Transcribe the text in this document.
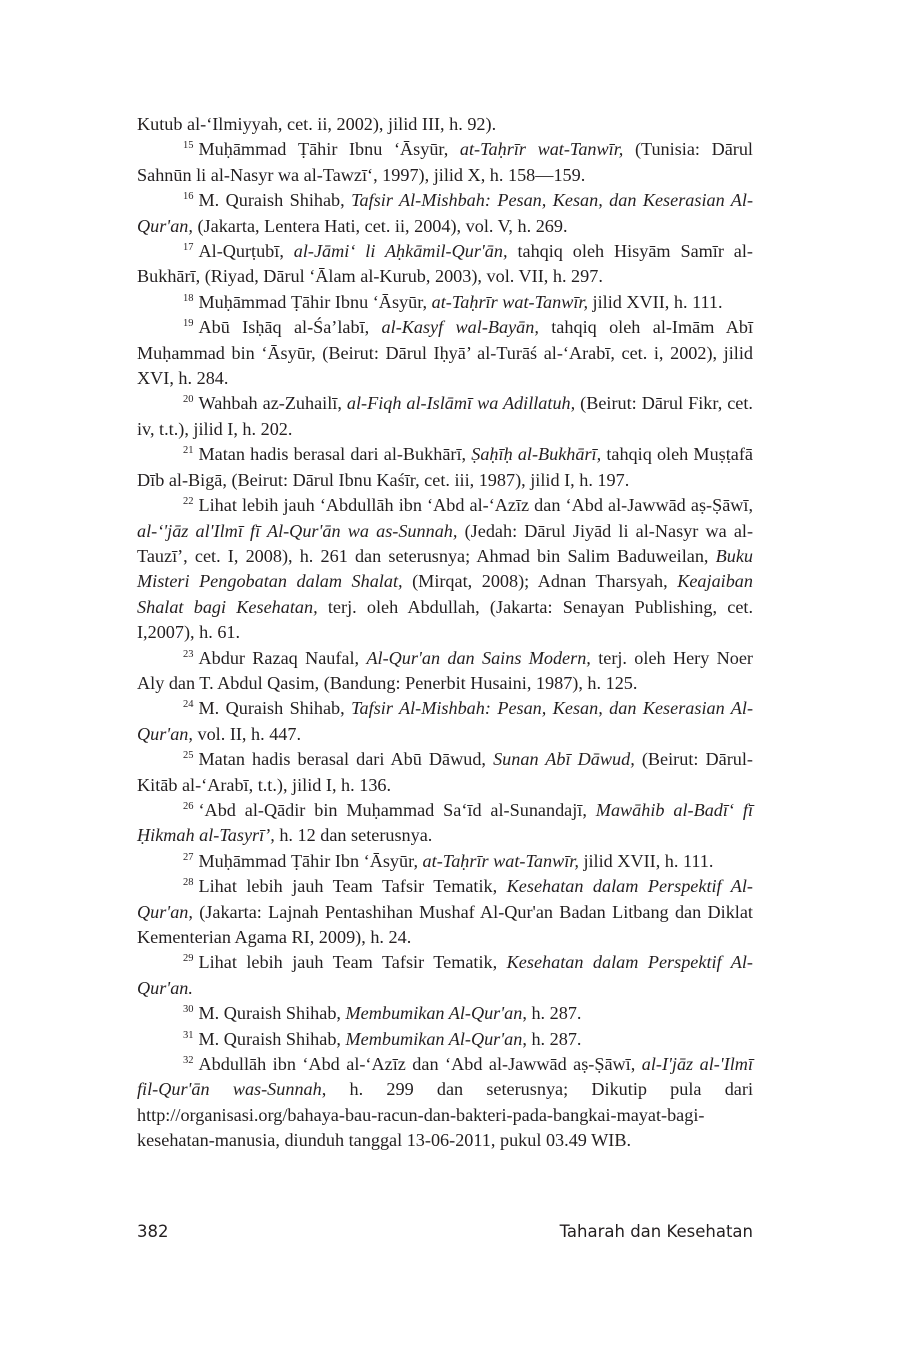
Kutub al-‘Ilmiyyah, cet. ii, 2002), jilid III, h. 92).

$^{15}$ Muḥāmmad Ṭāhir Ibnu ‘Āsyūr, at-Taḥrīr wat-Tanwīr, (Tunisia: Dārul Sahnūn li al-Nasyr wa al-Tawzī‘, 1997), jilid X, h. 158—159.

$^{16}$ M. Quraish Shihab, Tafsir Al-Mishbah: Pesan, Kesan, dan Keserasian Al-Qur'an, (Jakarta, Lentera Hati, cet. ii, 2004), vol. V, h. 269.

$^{17}$ Al-Qurṭubī, al-Jāmi‘ li Aḥkāmil-Qur'ān, tahqiq oleh Hisyām Samīr al-Bukhārī, (Riyad, Dārul ‘Ālam al-Kurub, 2003), vol. VII, h. 297.

$^{18}$ Muḥāmmad Ṭāhir Ibnu ‘Āsyūr, at-Taḥrīr wat-Tanwīr, jilid XVII, h. 111.

$^{19}$ Abū Isḥāq al-Śa’labī, al-Kasyf wal-Bayān, tahqiq oleh al-Imām Abī Muḥammad bin ‘Āsyūr, (Beirut: Dārul Iḥyā’ al-Turāś al-‘Arabī, cet. i, 2002), jilid XVI, h. 284.

$^{20}$ Wahbah az-Zuhailī, al-Fiqh al-Islāmī wa Adillatuh, (Beirut: Dārul Fikr, cet. iv, t.t.), jilid I, h. 202.

$^{21}$ Matan hadis berasal dari al-Bukhārī, Ṣaḥīḥ al-Bukhārī, tahqiq oleh Muṣṭafā Dīb al-Bigā, (Beirut: Dārul Ibnu Kaśīr, cet. iii, 1987), jilid I, h. 197.

$^{22}$ Lihat lebih jauh ‘Abdullāh ibn ‘Abd al-‘Azīz dan ‘Abd al-Jawwād aṣ-Ṣāwī, al-‘'jāz al'Ilmī fī Al-Qur'ān wa as-Sunnah, (Jedah: Dārul Jiyād li al-Nasyr wa al-Tauzī’, cet. I, 2008), h. 261 dan seterusnya; Ahmad bin Salim Baduweilan, Buku Misteri Pengobatan dalam Shalat, (Mirqat, 2008); Adnan Tharsyah, Keajaiban Shalat bagi Kesehatan, terj. oleh Abdullah, (Jakarta: Senayan Publishing, cet. I,2007), h. 61.

$^{23}$ Abdur Razaq Naufal, Al-Qur'an dan Sains Modern, terj. oleh Hery Noer Aly dan T. Abdul Qasim, (Bandung: Penerbit Husaini, 1987), h. 125.

$^{24}$ M. Quraish Shihab, Tafsir Al-Mishbah: Pesan, Kesan, dan Keserasian Al-Qur'an, vol. II, h. 447.

$^{25}$ Matan hadis berasal dari Abū Dāwud, Sunan Abī Dāwud, (Beirut: Dārul-Kitāb al-‘Arabī, t.t.), jilid I, h. 136.

$^{26}$ ‘Abd al-Qādir bin Muḥammad Sa‘īd al-Sunandajī, Mawāhib al-Badī‘ fī Ḥikmah al-Tasyrī’, h. 12 dan seterusnya.

$^{27}$ Muḥāmmad Ṭāhir Ibn ‘Āsyūr, at-Taḥrīr wat-Tanwīr, jilid XVII, h. 111.

$^{28}$ Lihat lebih jauh Team Tafsir Tematik, Kesehatan dalam Perspektif Al-Qur'an, (Jakarta: Lajnah Pentashihan Mushaf Al-Qur'an Badan Litbang dan Diklat Kementerian Agama RI, 2009), h. 24.

$^{29}$ Lihat lebih jauh Team Tafsir Tematik, Kesehatan dalam Perspektif Al-Qur'an.

$^{30}$ M. Quraish Shihab, Membumikan Al-Qur'an, h. 287.

$^{31}$ M. Quraish Shihab, Membumikan Al-Qur'an, h. 287.

$^{32}$ Abdullāh ibn ‘Abd al-‘Azīz dan ‘Abd al-Jawwād aṣ-Ṣāwī, al-I'jāz al-'Ilmī fil-Qur'ān was-Sunnah, h. 299 dan seterusnya; Dikutip pula dari http://organisasi.org/bahaya-bau-racun-dan-bakteri-pada-bangkai-mayat-bagi-kesehatan-manusia, diunduh tanggal 13-06-2011, pukul 03.49 WIB.

382	Taharah dan Kesehatan
